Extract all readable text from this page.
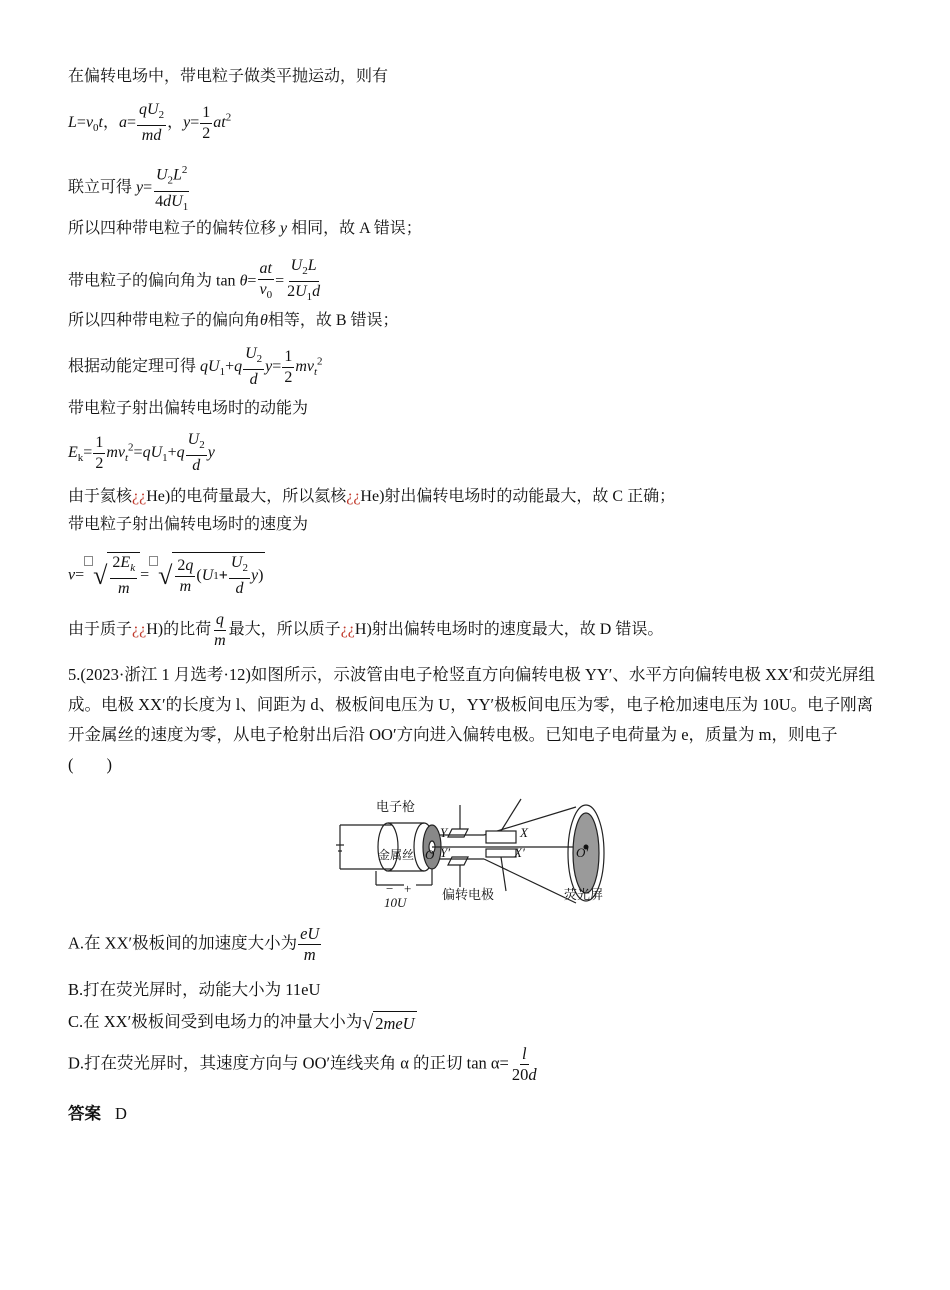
在偏转电场中，带电粒子做类平抛运动，则有
$L=v_0t$，$a= \frac{qU_2}{md}$ ，$y= \frac{1}{2} at^2$
联立可得 $y= \frac{U_2L^2}{4dU_1}$
所以四种带电粒子的偏转位移 y 相同，故 A 错误；
带电粒子的偏向角为 $\tan \theta= \frac{at}{v_0} = \frac{U_2L}{2U_1d}$
所以四种带电粒子的偏向角θ相等，故 B 错误；
根据动能定理可得 $qU_1+q \frac{U_2}{d} y= \frac{1}{2} mv_t^2$
带电粒子射出偏转电场时的动能为
$E_k= \frac{1}{2} mv_t^2=qU_1+q \frac{U_2}{d}$ y
由于氦核¿¿He)的电荷量最大，所以氦核¿¿He)射出偏转电场时的动能最大，故 C 正确；
带电粒子射出偏转电场时的速度为
v= √ $\frac{2E_k}{m}$ = √ $\frac{2q}{m}$ ( U $1 + \frac{U_2}{d}$ y )
由于质子¿¿H)的比荷 $\frac{q}{m}$ 最大，所以质子¿¿H)射出偏转电场时的速度最大，故 D 错误。
5.(2023·浙江 1 月选考·12)如图所示，示波管由电子枪竖直方向偏转电极 YY′、水平方向偏转电极 XX′和荧光屏组成。电极 XX′的长度为 l、间距为 d、极板间电压为 U，YY′极板间电压为零，电子枪加速电压为 10U。电子刚离开金属丝的速度为零，从电子枪射出后沿 OO′方向进入偏转电极。已知电子电荷量为 e，质量为 m，则电子(　　)
电子枪
金属丝
偏转电极	荧光屏
10U
− +
O	O′
Y
Y′
X
X′
A.在 XX′极板间的加速度大小为 $\frac{eU}{m}$
B.打在荧光屏时，动能大小为 11eU
C.在 XX′极板间受到电场力的冲量大小为 √ 2 meU
D.打在荧光屏时，其速度方向与 OO′连线夹角 α 的正切 $\tan \alpha= \frac{l}{20d}$
答案 D
